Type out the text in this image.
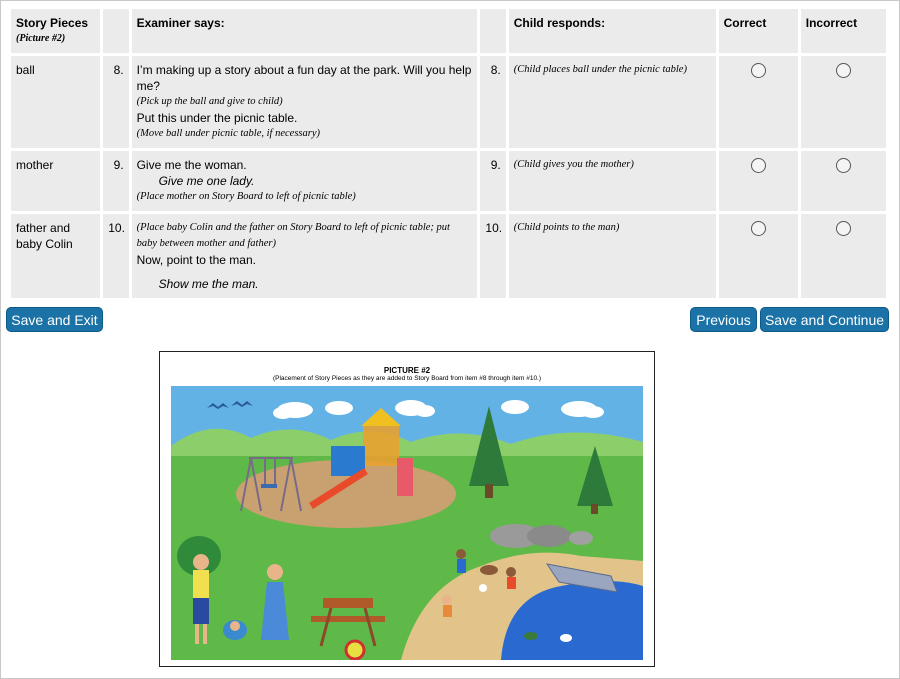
Story Pieces
(Picture #2)		Examiner says:		Child responds:	Correct	Incorrect
ball	8.	I’m making up a story about a fun day at the park. Will you help me?
(Pick up the ball and give to child)
Put this under the picnic table.
(Move ball under picnic table, if necessary)	8.	(Child places ball under the picnic table)		

mother	9.	Give me the woman.
Give me one lady.
(Place mother on Story Board to left of picnic table)	9.	(Child gives you the mother)		

father and baby Colin	10.	(Place baby Colin and the father on Story Board to left of picnic table; put baby between mother and father)
Now, point to the man.
Show me the man.	10.	(Child points to the man)		

Save and Exit	Previous	Save and Continue
PICTURE #2
(Placement of Story Pieces as they are added to Story Board from item #8 through item #10.)
